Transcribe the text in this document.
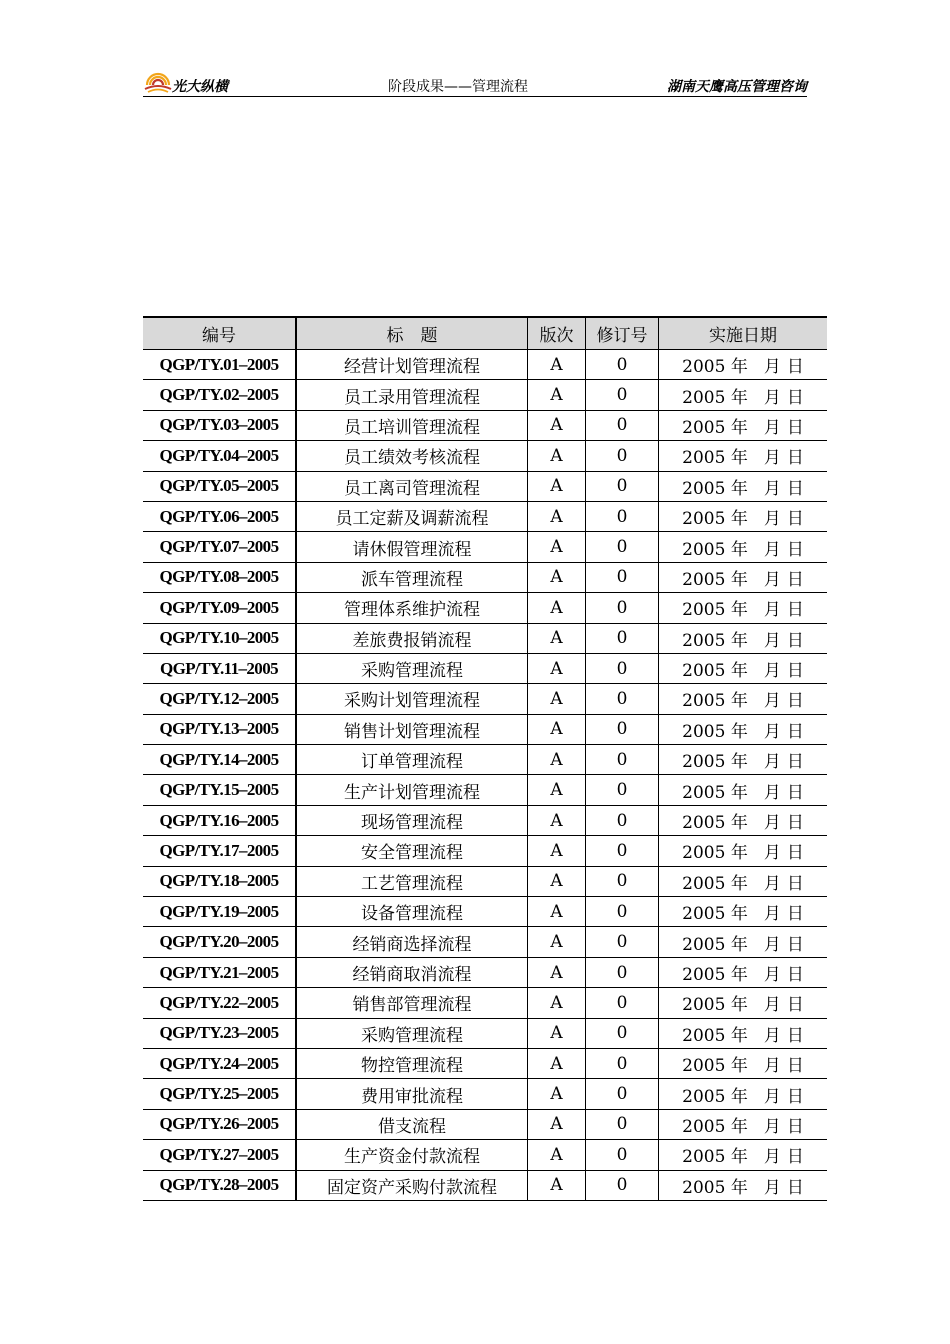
光大纵横	阶段成果——管理流程	湖南天鹰高压管理咨询
编号	标　题	版次	修订号	实施日期
QGP/TY.01–2005	经营计划管理流程	A	0	2005 年 月 日
QGP/TY.02–2005	员工录用管理流程	A	0	2005 年 月 日
QGP/TY.03–2005	员工培训管理流程	A	0	2005 年 月 日
QGP/TY.04–2005	员工绩效考核流程	A	0	2005 年 月 日
QGP/TY.05–2005	员工离司管理流程	A	0	2005 年 月 日
QGP/TY.06–2005	员工定薪及调薪流程	A	0	2005 年 月 日
QGP/TY.07–2005	请休假管理流程	A	0	2005 年 月 日
QGP/TY.08–2005	派车管理流程	A	0	2005 年 月 日
QGP/TY.09–2005	管理体系维护流程	A	0	2005 年 月 日
QGP/TY.10–2005	差旅费报销流程	A	0	2005 年 月 日
QGP/TY.11–2005	采购管理流程	A	0	2005 年 月 日
QGP/TY.12–2005	采购计划管理流程	A	0	2005 年 月 日
QGP/TY.13–2005	销售计划管理流程	A	0	2005 年 月 日
QGP/TY.14–2005	订单管理流程	A	0	2005 年 月 日
QGP/TY.15–2005	生产计划管理流程	A	0	2005 年 月 日
QGP/TY.16–2005	现场管理流程	A	0	2005 年 月 日
QGP/TY.17–2005	安全管理流程	A	0	2005 年 月 日
QGP/TY.18–2005	工艺管理流程	A	0	2005 年 月 日
QGP/TY.19–2005	设备管理流程	A	0	2005 年 月 日
QGP/TY.20–2005	经销商选择流程	A	0	2005 年 月 日
QGP/TY.21–2005	经销商取消流程	A	0	2005 年 月 日
QGP/TY.22–2005	销售部管理流程	A	0	2005 年 月 日
QGP/TY.23–2005	采购管理流程	A	0	2005 年 月 日
QGP/TY.24–2005	物控管理流程	A	0	2005 年 月 日
QGP/TY.25–2005	费用审批流程	A	0	2005 年 月 日
QGP/TY.26–2005	借支流程	A	0	2005 年 月 日
QGP/TY.27–2005	生产资金付款流程	A	0	2005 年 月 日
QGP/TY.28–2005	固定资产采购付款流程	A	0	2005 年 月 日
